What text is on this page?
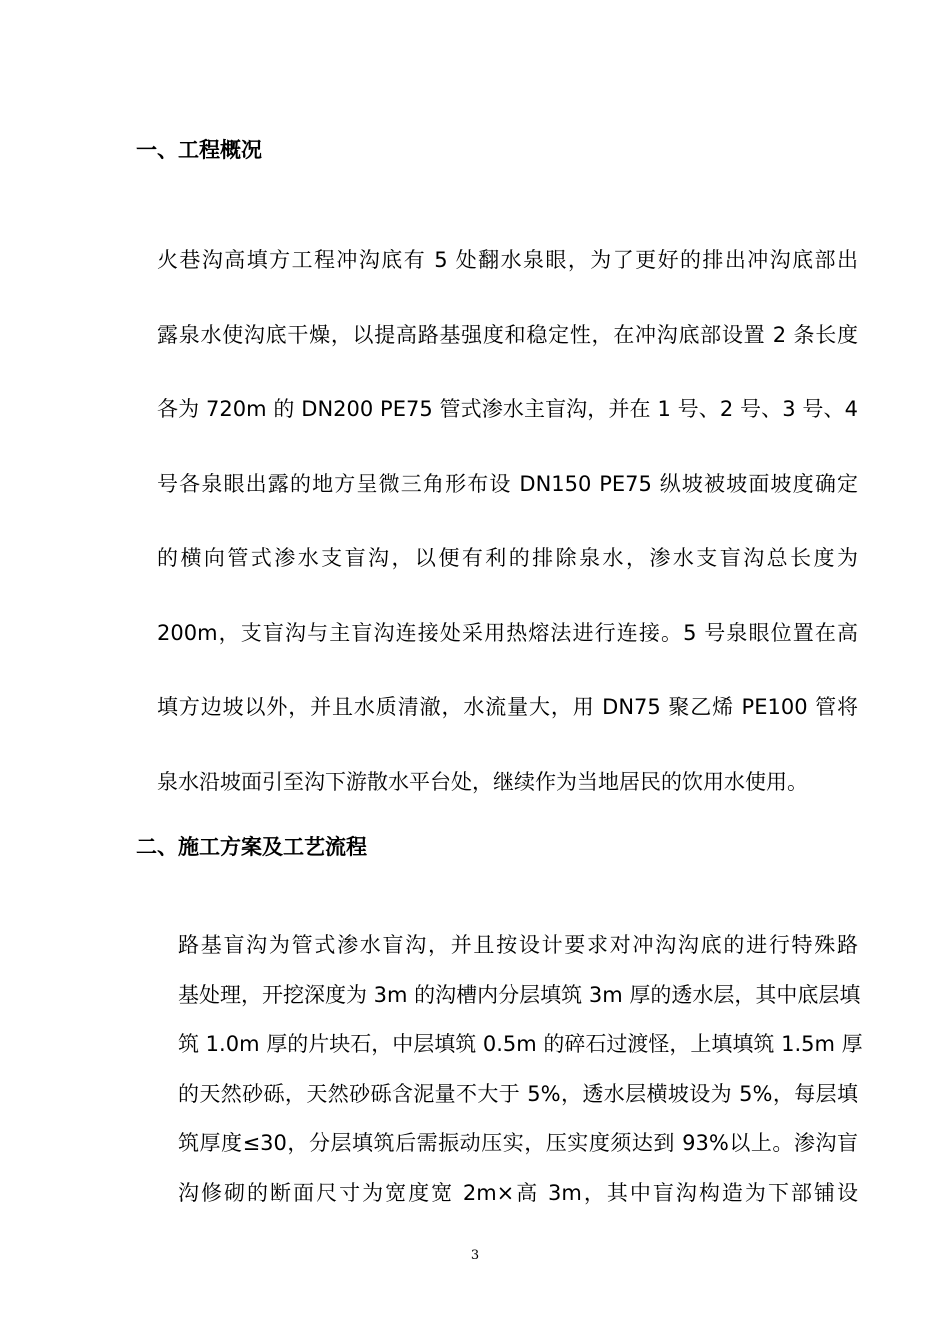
一、工程概况
火巷沟高填方工程冲沟底有 5 处翻水泉眼，为了更好的排出冲沟底部出
露泉水使沟底干燥，以提高路基强度和稳定性，在冲沟底部设置 2 条长度
各为 720m 的 DN200 PE75 管式渗水主盲沟，并在 1 号、2 号、3 号、4
号各泉眼出露的地方呈微三角形布设 DN150 PE75 纵坡被坡面坡度确定
的横向管式渗水支盲沟，以便有利的排除泉水，渗水支盲沟总长度为
200m，支盲沟与主盲沟连接处采用热熔法进行连接。5 号泉眼位置在高
填方边坡以外，并且水质清澈，水流量大，用 DN75 聚乙烯 PE100 管将
泉水沿坡面引至沟下游散水平台处，继续作为当地居民的饮用水使用。
二、施工方案及工艺流程
路基盲沟为管式渗水盲沟，并且按设计要求对冲沟沟底的进行特殊路
基处理，开挖深度为 3m 的沟槽内分层填筑 3m 厚的透水层，其中底层填
筑 1.0m 厚的片块石，中层填筑 0.5m 的碎石过渡怪，上填填筑 1.5m 厚
的天然砂砾，天然砂砾含泥量不大于 5%，透水层横坡设为 5%，每层填
筑厚度≤30，分层填筑后需振动压实，压实度须达到 93%以上。渗沟盲
沟修砌的断面尺寸为宽度宽 2m×高 3m，其中盲沟构造为下部铺设
3
